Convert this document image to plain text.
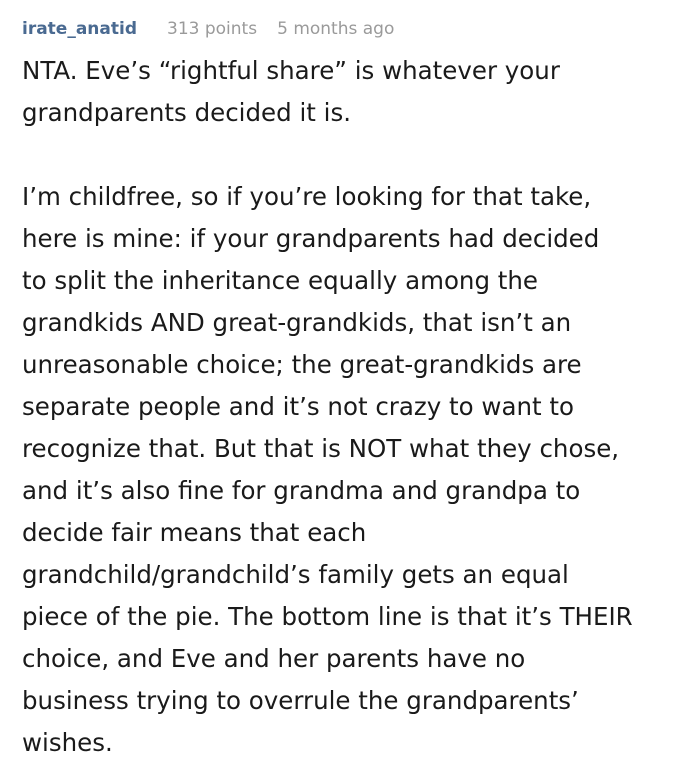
irate_anatid 313 points 5 months ago

NTA. Eve’s “rightful share” is whatever your
grandparents decided it is.

I’m childfree, so if you’re looking for that take,
here is mine: if your grandparents had decided
to split the inheritance equally among the
grandkids AND great-grandkids, that isn’t an
unreasonable choice; the great-grandkids are
separate people and it’s not crazy to want to
recognize that. But that is NOT what they chose,
and it’s also fine for grandma and grandpa to
decide fair means that each
grandchild/grandchild’s family gets an equal
piece of the pie. The bottom line is that it’s THEIR
choice, and Eve and her parents have no
business trying to overrule the grandparents’
wishes.
